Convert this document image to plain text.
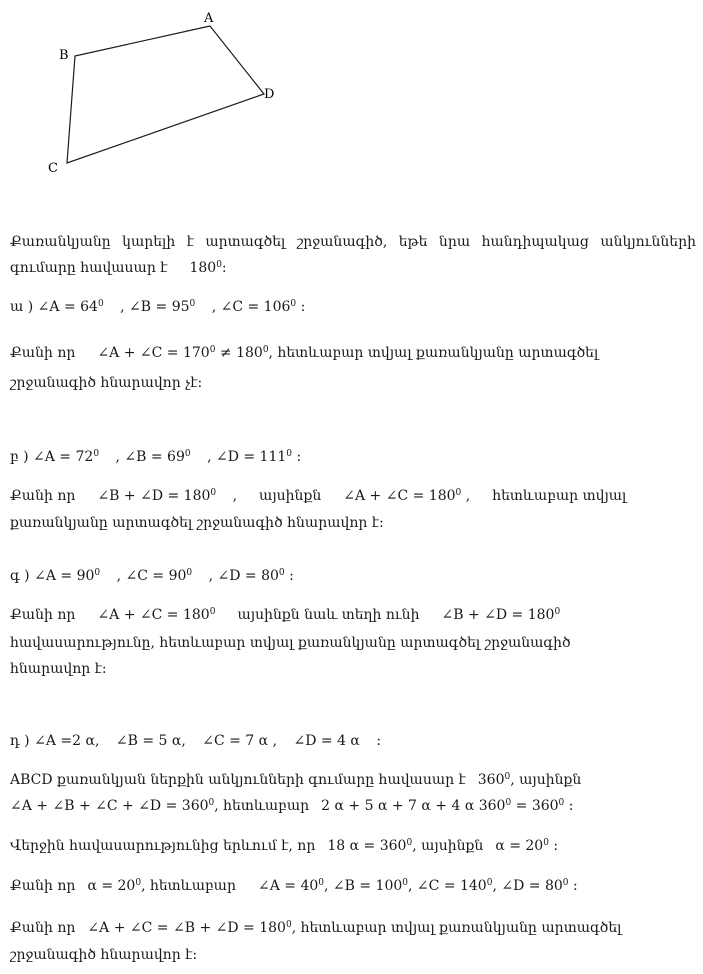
A
B
C
D
Քառանկյանը կարելի է արտագծել շրջանագիծ, եթե նրա հանդիպակաց անկյունների
գումարը հավասար է $180^0$:
ա ) ∠A = $64^0$ , ∠B = $95^0$ , ∠C = $106^0$ :
Քանի որ ∠A + ∠C = $170^0 \ne 180^0$, հետևաբար տվյալ քառանկյանը արտագծել
շրջանագիծ հնարավոր չէ:
բ ) ∠A = $72^0$ , ∠B = $69^0$ , ∠D = $111^0$ :
Քանի որ ∠B + ∠D = $180^0$ , այսինքն ∠A + ∠C = $180^0$ , հետևաբար տվյալ
քառանկյանը արտագծել շրջանագիծ հնարավոր է:
գ ) ∠A = $90^0$ , ∠C = $90^0$ , ∠D = $80^0$ :
Քանի որ ∠A + ∠C = $180^0$ այսինքն նաև տեղի ունի ∠B + ∠D = $180^0$
հավասարությունը, հետևաբար տվյալ քառանկյանը արտագծել շրջանագիծ
հնարավոր է:
դ ) ∠A =2 α, ∠B = 5 α, ∠C = 7 α , ∠D = 4 α :
ABCD քառանկյան ներքին անկյունների գումարը հավասար է $360^0$, այսինքն
∠A + ∠B + ∠C + ∠D = $360^0$, հետևաբար 2 α + 5 α + 7 α + 4 α $360^0 = 360^0$ :
Վերջին հավասարությունից երևում է, որ 18 $\alpha = 360^0$, այսինքն $\alpha = 20^0$ :
Քանի որ $\alpha = 20^0$, հետևաբար ∠A = $40^0$, ∠B = $100^0$, ∠C = $140^0$, ∠D = $80^0$ :
Քանի որ ∠A + ∠C = ∠B + ∠D = $180^0$, հետևաբար տվյալ քառանկյանը արտագծել
շրջանագիծ հնարավոր է:
